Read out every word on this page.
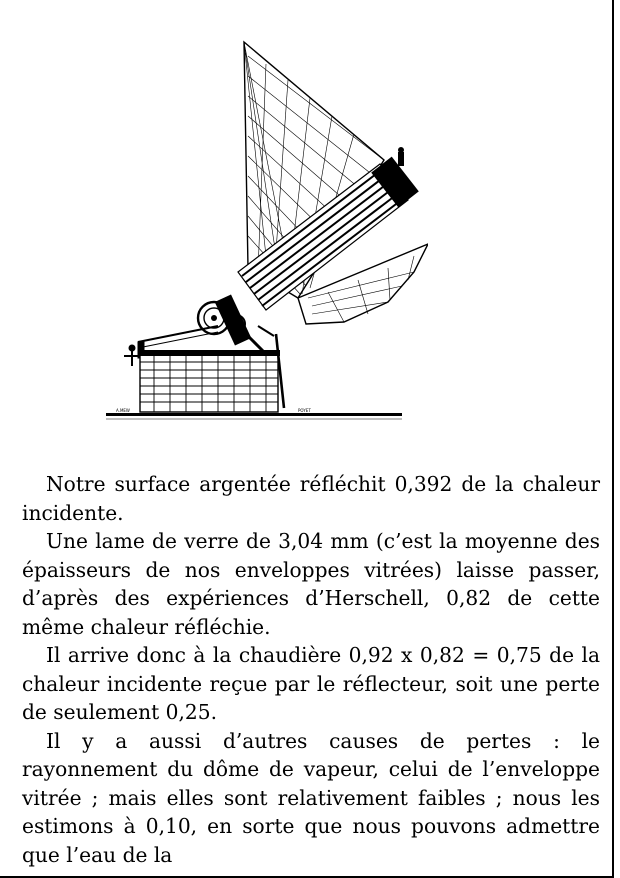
A.MEW	POYET

Notre surface argentée réfléchit 0,392 de la chaleur incidente.

Une lame de verre de 3,04 mm (c’est la moyenne des épaisseurs de nos enveloppes vitrées) laisse passer, d’après des expériences d’Herschell, 0,82 de cette même chaleur réfléchie.

Il arrive donc à la chaudière 0,92 x 0,82 = 0,75 de la chaleur incidente reçue par le réflecteur, soit une perte de seulement 0,25.

Il y a aussi d’autres causes de pertes : le rayonnement du dôme de vapeur, celui de l’enveloppe vitrée ; mais elles sont relativement faibles ; nous les estimons à 0,10, en sorte que nous pouvons admettre que l’eau de la
